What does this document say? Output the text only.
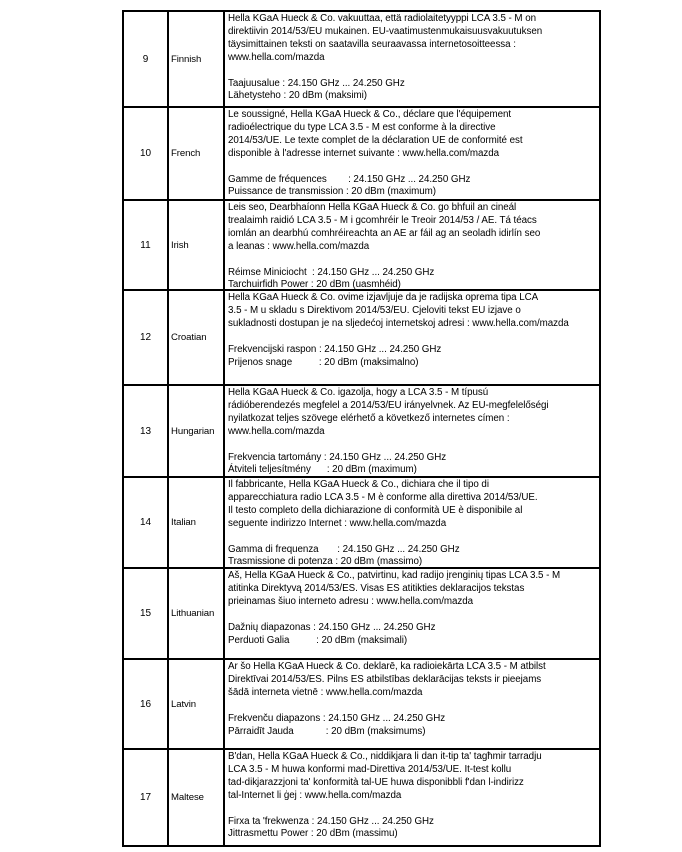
9	Finnish
Hella KGaA Hueck & Co. vakuuttaa, että radiolaitetyyppi LCA 3.5 - M on
direktiivin 2014/53/EU mukainen. EU-vaatimustenmukaisuusvakuutuksen
täysimittainen teksti on saatavilla seuraavassa internetosoitteessa :
www.hella.com/mazda
Taajuusalue : 24.150 GHz ... 24.250 GHz
Lähetysteho : 20 dBm (maksimi)
10	French
Le soussigné, Hella KGaA Hueck & Co., déclare que l'équipement
radioélectrique du type LCA 3.5 - M est conforme à la directive
2014/53/UE. Le texte complet de la déclaration UE de conformité est
disponible à l'adresse internet suivante : www.hella.com/mazda
Gamme de fréquences        : 24.150 GHz ... 24.250 GHz
Puissance de transmission : 20 dBm (maximum)
11	Irish
Leis seo, Dearbhaíonn Hella KGaA Hueck & Co. go bhfuil an cineál
trealaimh raidió LCA 3.5 - M i gcomhréir le Treoir 2014/53 / AE. Tá téacs
iomlán an dearbhú comhréireachta an AE ar fáil ag an seoladh idirlín seo
a leanas : www.hella.com/mazda
Réimse Miniciocht  : 24.150 GHz ... 24.250 GHz
Tarchuirfidh Power : 20 dBm (uasmhéid)
12	Croatian
Hella KGaA Hueck & Co. ovime izjavljuje da je radijska oprema tipa LCA
3.5 - M u skladu s Direktivom 2014/53/EU. Cjeloviti tekst EU izjave o
sukladnosti dostupan je na sljedećoj internetskoj adresi : www.hella.com/mazda
Frekvencijski raspon : 24.150 GHz ... 24.250 GHz
Prijenos snage          : 20 dBm (maksimalno)
13	Hungarian
Hella KGaA Hueck & Co. igazolja, hogy a LCA 3.5 - M típusú
rádióberendezés megfelel a 2014/53/EU irányelvnek. Az EU-megfelelőségi
nyilatkozat teljes szövege elérhető a következő internetes címen :
www.hella.com/mazda
Frekvencia tartomány : 24.150 GHz ... 24.250 GHz
Átviteli teljesítmény      : 20 dBm (maximum)
14	Italian
Il fabbricante, Hella KGaA Hueck & Co., dichiara che il tipo di
apparecchiatura radio LCA 3.5 - M è conforme alla direttiva 2014/53/UE.
Il testo completo della dichiarazione di conformità UE è disponibile al
seguente indirizzo Internet : www.hella.com/mazda
Gamma di frequenza       : 24.150 GHz ... 24.250 GHz
Trasmissione di potenza : 20 dBm (massimo)
15	Lithuanian
Aš, Hella KGaA Hueck & Co., patvirtinu, kad radijo įrenginių tipas LCA 3.5 - M
atitinka Direktyvą 2014/53/ES. Visas ES atitikties deklaracijos tekstas
prieinamas šiuo interneto adresu : www.hella.com/mazda
Dažnių diapazonas : 24.150 GHz ... 24.250 GHz
Perduoti Galia          : 20 dBm (maksimali)
16	Latvin
Ar šo Hella KGaA Hueck & Co. deklarē, ka radioiekārta LCA 3.5 - M atbilst
Direktīvai 2014/53/ES. Pilns ES atbilstības deklarācijas teksts ir pieejams
šādā interneta vietnē : www.hella.com/mazda
Frekvenču diapazons : 24.150 GHz ... 24.250 GHz
Pārraidīt Jauda            : 20 dBm (maksimums)
17	Maltese
B'dan, Hella KGaA Hueck & Co., niddikjara li dan it-tip ta' tagħmir tarradju
LCA 3.5 - M huwa konformi mad-Direttiva 2014/53/UE. It-test kollu
tad-dikjarazzjoni ta' konformità tal-UE huwa disponibbli f'dan l-indirizz
tal-Internet li ġej : www.hella.com/mazda
Firxa ta 'frekwenza : 24.150 GHz ... 24.250 GHz
Jittrasmettu Power : 20 dBm (massimu)
